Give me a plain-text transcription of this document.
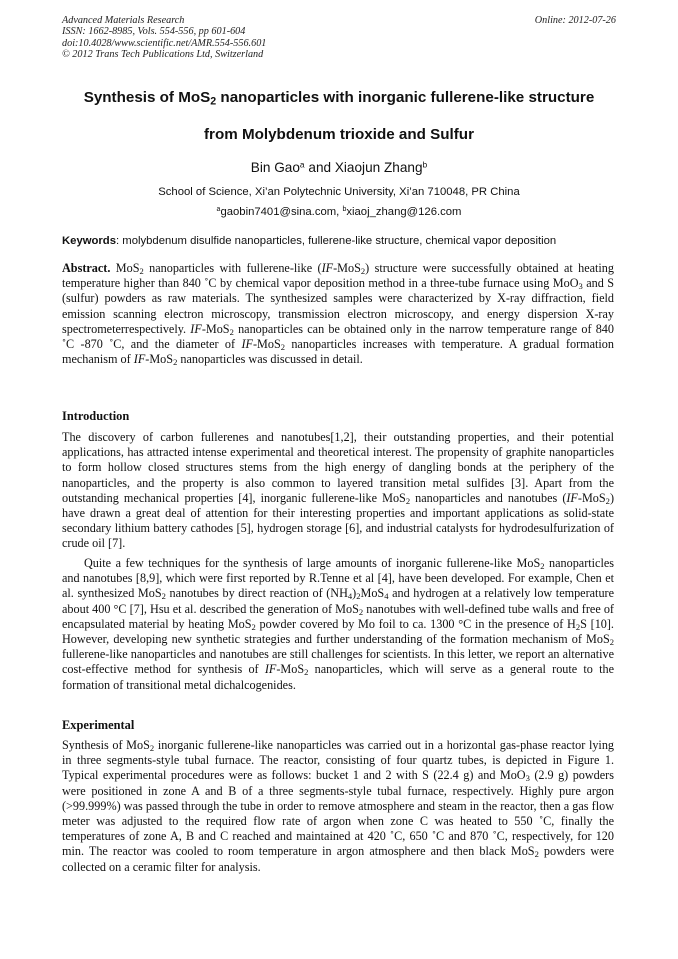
Advanced Materials Research
ISSN: 1662-8985, Vols. 554-556, pp 601-604
doi:10.4028/www.scientific.net/AMR.554-556.601
© 2012 Trans Tech Publications Ltd, Switzerland
Online: 2012-07-26
Synthesis of MoS$_2$ nanoparticles with inorganic fullerene-like structure
from Molybdenum trioxide and Sulfur
Bin Gao$^a$ and Xiaojun Zhang$^b$
School of Science, Xi’an Polytechnic University, Xi’an 710048, PR China
$^a$gaobin7401@sina.com, $^b$xiaoj_zhang@126.com
Keywords: molybdenum disulfide nanoparticles, fullerene-like structure, chemical vapor deposition
Abstract. MoS$_2$ nanoparticles with fullerene-like (IF-MoS$_2$) structure were successfully obtained at heating temperature higher than 840 ˚C by chemical vapor deposition method in a three-tube furnace using MoO$_3$ and S (sulfur) powders as raw materials. The synthesized samples were characterized by X-ray diffraction, field emission scanning electron microscopy, transmission electron microscopy, and energy dispersion X-ray spectrometerrespectively. IF-MoS$_2$ nanoparticles can be obtained only in the narrow temperature range of 840 ˚C -870 ˚C, and the diameter of IF-MoS$_2$ nanoparticles increases with temperature. A gradual formation mechanism of IF-MoS$_2$ nanoparticles was discussed in detail.
Introduction
The discovery of carbon fullerenes and nanotubes[1,2], their outstanding properties, and their potential applications, has attracted intense experimental and theoretical interest. The propensity of graphite nanoparticles to form hollow closed structures stems from the high energy of dangling bonds at the periphery of the nanoparticles, and the property is also common to layered transition metal sulfides [3]. Apart from the outstanding mechanical properties [4], inorganic fullerene-like MoS$_2$ nanoparticles and nanotubes (IF-MoS$_2$) have drawn a great deal of attention for their interesting properties and important applications as solid-state secondary lithium battery cathodes [5], hydrogen storage [6], and industrial catalysts for hydrodesulfurization of crude oil [7].
Quite a few techniques for the synthesis of large amounts of inorganic fullerene-like MoS$_2$ nanoparticles and nanotubes [8,9], which were first reported by R.Tenne et al [4], have been developed. For example, Chen et al. synthesized MoS$_2$ nanotubes by direct reaction of $(NH_4)_2MoS_4$ and hydrogen at a relatively low temperature about 400 °C [7], Hsu et al. described the generation of MoS$_2$ nanotubes with well-defined tube walls and free of encapsulated material by heating MoS$_2$ powder covered by Mo foil to ca. 1300 °C in the presence of $H_2S$ [10]. However, developing new synthetic strategies and further understanding of the formation mechanism of MoS$_2$ fullerene-like nanoparticles and nanotubes are still challenges for scientists. In this letter, we report an alternative cost-effective method for synthesis of IF-MoS$_2$ nanoparticles, which will serve as a general route to the formation of transitional metal dichalcogenides.
Experimental
Synthesis of MoS$_2$ inorganic fullerene-like nanoparticles was carried out in a horizontal gas-phase reactor lying in three segments-style tubal furnace. The reactor, consisting of four quartz tubes, is depicted in Figure 1. Typical experimental procedures were as follows: bucket 1 and 2 with S (22.4 g) and MoO$_3$ (2.9 g) powders were positioned in zone A and B of a three segments-style tubal furnace, respectively. Highly pure argon (>99.999%) was passed through the tube in order to remove atmosphere and steam in the reactor, then a gas flow meter was adjusted to the required flow rate of argon when zone C was heated to 550 ˚C, finally the temperatures of zone A, B and C reached and maintained at 420 ˚C, 650 ˚C and 870 ˚C, respectively, for 120 min. The reactor was cooled to room temperature in argon atmosphere and then black MoS$_2$ powders were collected on a ceramic filter for analysis.
